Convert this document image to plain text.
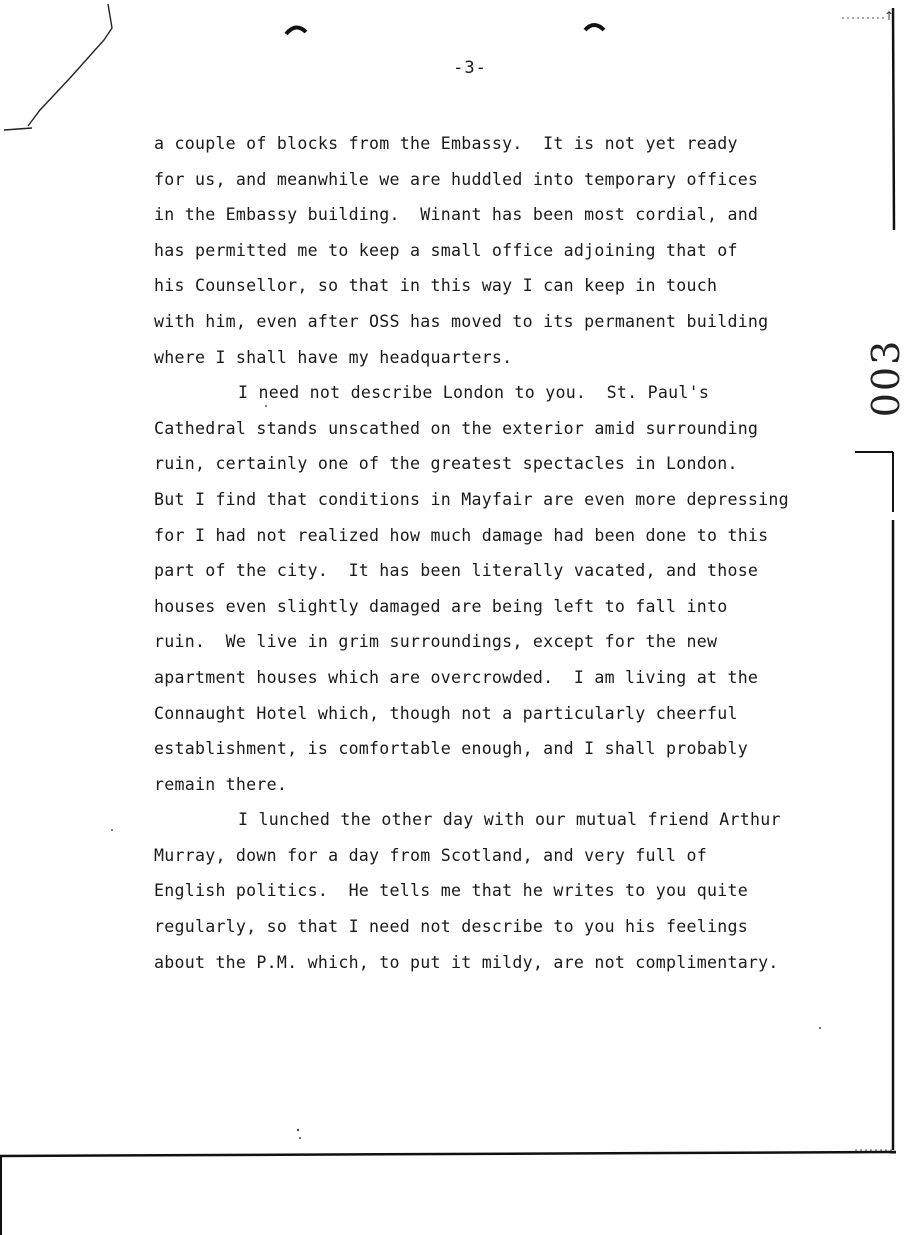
↑
003
-3-
a couple of blocks from the Embassy.  It is not yet ready
for us, and meanwhile we are huddled into temporary offices
in the Embassy building.  Winant has been most cordial, and
has permitted me to keep a small office adjoining that of
his Counsellor, so that in this way I can keep in touch
with him, even after OSS has moved to its permanent building
where I shall have my headquarters.
I need not describe London to you.  St. Paul's
Cathedral stands unscathed on the exterior amid surrounding
ruin, certainly one of the greatest spectacles in London.
But I find that conditions in Mayfair are even more depressing
for I had not realized how much damage had been done to this
part of the city.  It has been literally vacated, and those
houses even slightly damaged are being left to fall into
ruin.  We live in grim surroundings, except for the new
apartment houses which are overcrowded.  I am living at the
Connaught Hotel which, though not a particularly cheerful
establishment, is comfortable enough, and I shall probably
remain there.
I lunched the other day with our mutual friend Arthur
Murray, down for a day from Scotland, and very full of
English politics.  He tells me that he writes to you quite
regularly, so that I need not describe to you his feelings
about the P.M. which, to put it mildy, are not complimentary.
